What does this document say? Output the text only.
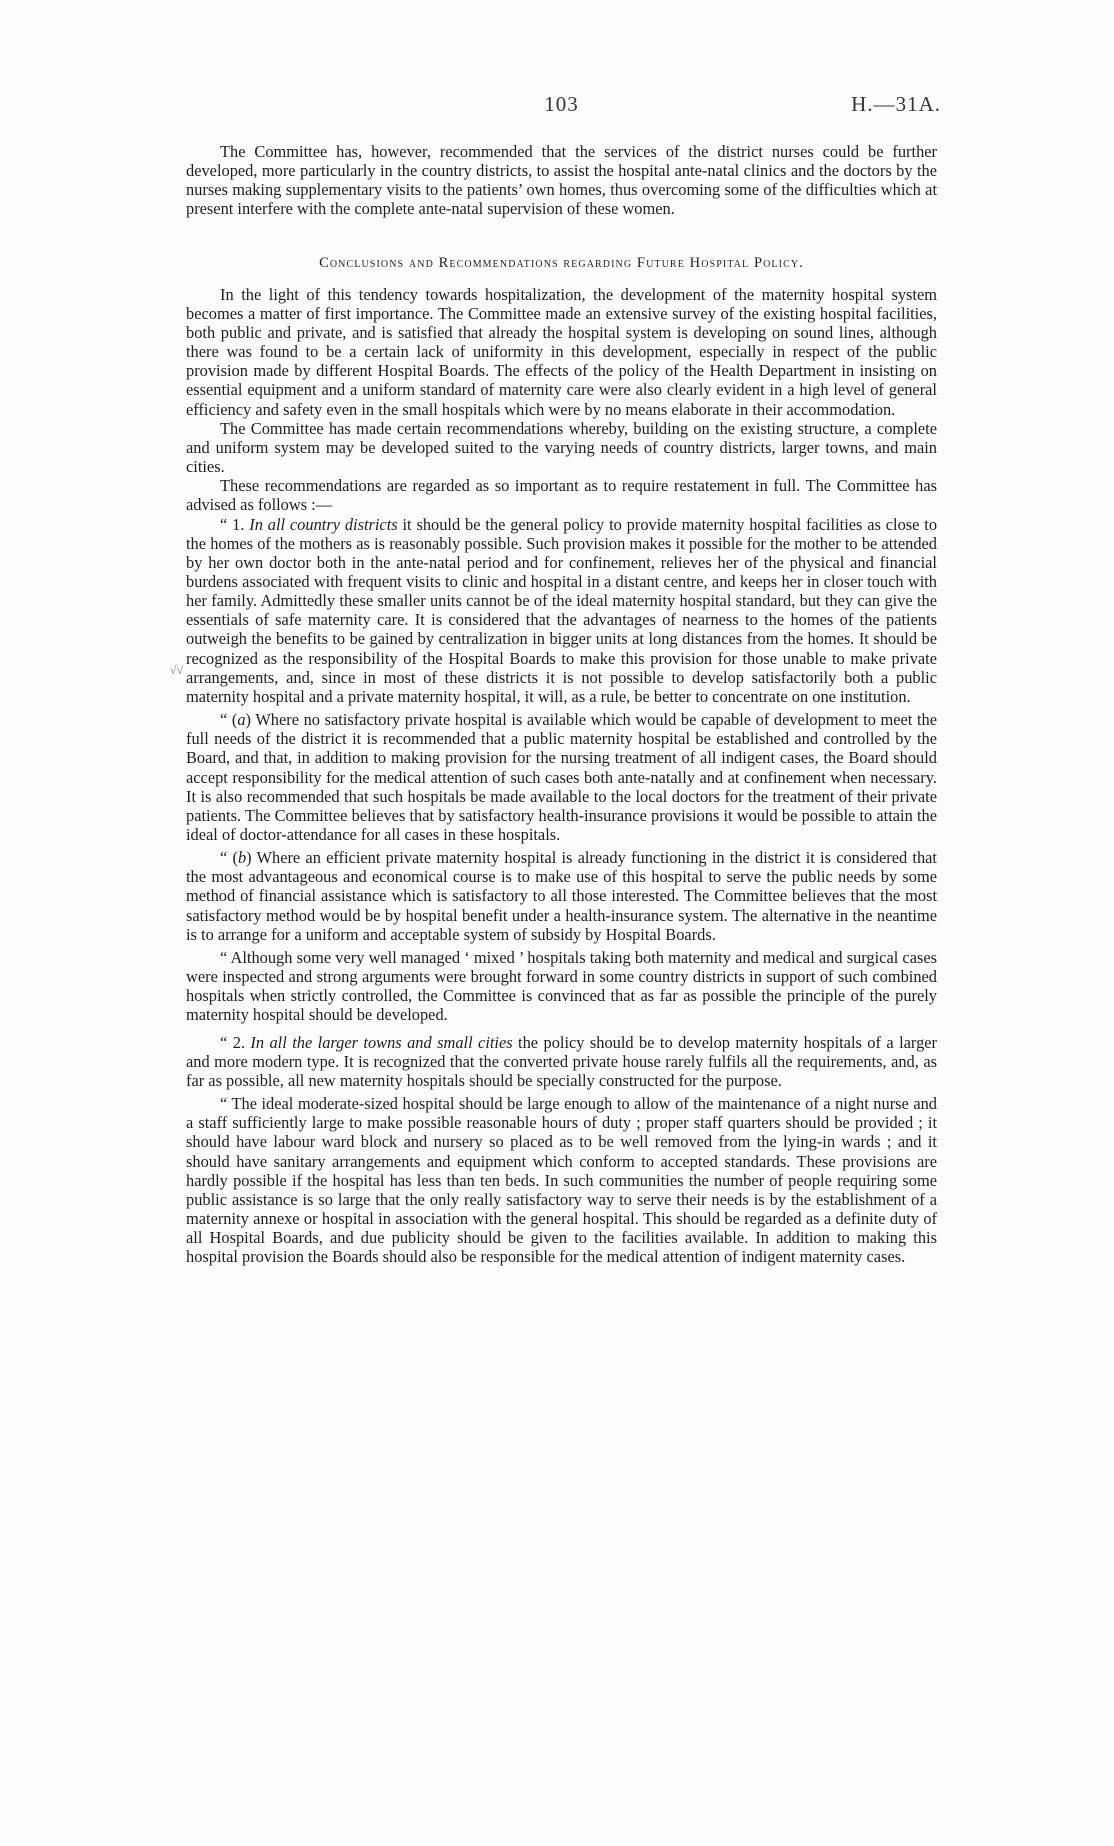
√√
103	H.—31A.

The Committee has, however, recommended that the services of the district nurses could be further developed, more particularly in the country districts, to assist the hospital ante-natal clinics and the doctors by the nurses making supplementary visits to the patients’ own homes, thus overcoming some of the difficulties which at present interfere with the complete ante-natal supervision of these women.

Conclusions and Recommendations regarding Future Hospital Policy.

In the light of this tendency towards hospitalization, the development of the maternity hospital system becomes a matter of first importance. The Committee made an extensive survey of the existing hospital facilities, both public and private, and is satisfied that already the hospital system is developing on sound lines, although there was found to be a certain lack of uniformity in this development, especially in respect of the public provision made by different Hospital Boards. The effects of the policy of the Health Department in insisting on essential equipment and a uniform standard of maternity care were also clearly evident in a high level of general efficiency and safety even in the small hospitals which were by no means elaborate in their accommodation.

The Committee has made certain recommendations whereby, building on the existing structure, a complete and uniform system may be developed suited to the varying needs of country districts, larger towns, and main cities.

These recommendations are regarded as so important as to require restatement in full. The Committee has advised as follows :—

“ 1. In all country districts it should be the general policy to provide maternity hospital facilities as close to the homes of the mothers as is reasonably possible. Such provision makes it possible for the mother to be attended by her own doctor both in the ante-natal period and for confinement, relieves her of the physical and financial burdens associated with frequent visits to clinic and hospital in a distant centre, and keeps her in closer touch with her family. Admittedly these smaller units cannot be of the ideal maternity hospital standard, but they can give the essentials of safe maternity care. It is considered that the advantages of nearness to the homes of the patients outweigh the benefits to be gained by centralization in bigger units at long distances from the homes. It should be recognized as the responsibility of the Hospital Boards to make this provision for those unable to make private arrangements, and, since in most of these districts it is not possible to develop satisfactorily both a public maternity hospital and a private maternity hospital, it will, as a rule, be better to concentrate on one institution.

“ (a) Where no satisfactory private hospital is available which would be capable of development to meet the full needs of the district it is recommended that a public maternity hospital be established and controlled by the Board, and that, in addition to making provision for the nursing treatment of all indigent cases, the Board should accept responsibility for the medical attention of such cases both ante-natally and at confinement when necessary. It is also recommended that such hospitals be made available to the local doctors for the treatment of their private patients. The Committee believes that by satisfactory health-insurance provisions it would be possible to attain the ideal of doctor-attendance for all cases in these hospitals.

“ (b) Where an efficient private maternity hospital is already functioning in the district it is considered that the most advantageous and economical course is to make use of this hospital to serve the public needs by some method of financial assistance which is satisfactory to all those interested. The Committee believes that the most satisfactory method would be by hospital benefit under a health-insurance system. The alternative in the neantime is to arrange for a uniform and acceptable system of subsidy by Hospital Boards.

“ Although some very well managed ‘ mixed ’ hospitals taking both maternity and medical and surgical cases were inspected and strong arguments were brought forward in some country districts in support of such combined hospitals when strictly controlled, the Committee is convinced that as far as possible the principle of the purely maternity hospital should be developed.

“ 2. In all the larger towns and small cities the policy should be to develop maternity hospitals of a larger and more modern type. It is recognized that the converted private house rarely fulfils all the requirements, and, as far as possible, all new maternity hospitals should be specially constructed for the purpose.

“ The ideal moderate-sized hospital should be large enough to allow of the maintenance of a night nurse and a staff sufficiently large to make possible reasonable hours of duty ; proper staff quarters should be provided ; it should have labour ward block and nursery so placed as to be well removed from the lying-in wards ; and it should have sanitary arrangements and equipment which conform to accepted standards. These provisions are hardly possible if the hospital has less than ten beds. In such communities the number of people requiring some public assistance is so large that the only really satisfactory way to serve their needs is by the establishment of a maternity annexe or hospital in association with the general hospital. This should be regarded as a definite duty of all Hospital Boards, and due publicity should be given to the facilities available. In addition to making this hospital provision the Boards should also be responsible for the medical attention of indigent maternity cases.
